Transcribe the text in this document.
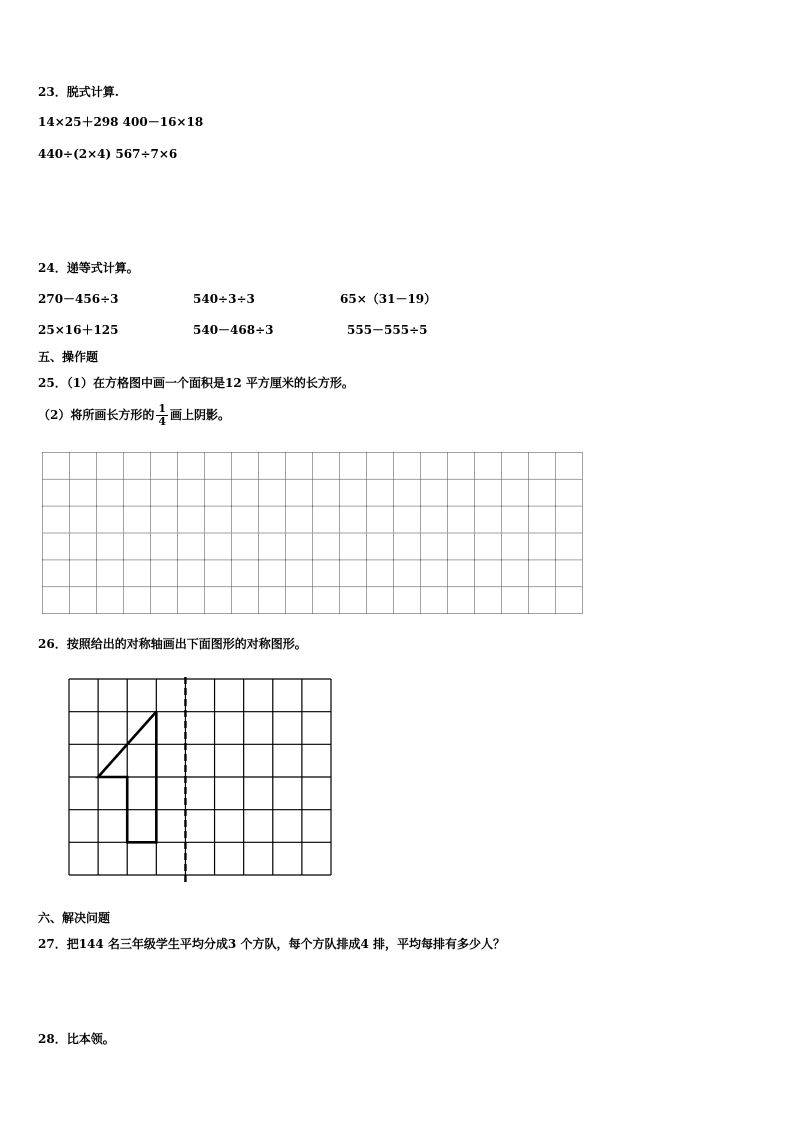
23．脱式计算.
14×25＋298 400－16×18
440÷(2×4) 567÷7×6
24．递等式计算。
270－456÷3	540÷3÷3	65×（31－19）
25×16＋125	540－468÷3	555－555÷5
五、操作题
25．（1）在方格图中画一个面积是12 平方厘米的长方形。
（2）将所画长方形的 $\frac{1}{4}$ 画上阴影。
26．按照给出的对称轴画出下面图形的对称图形。
六、解决问题
27．把144 名三年级学生平均分成3 个方队，每个方队排成4 排，平均每排有多少人？
28．比本领。
